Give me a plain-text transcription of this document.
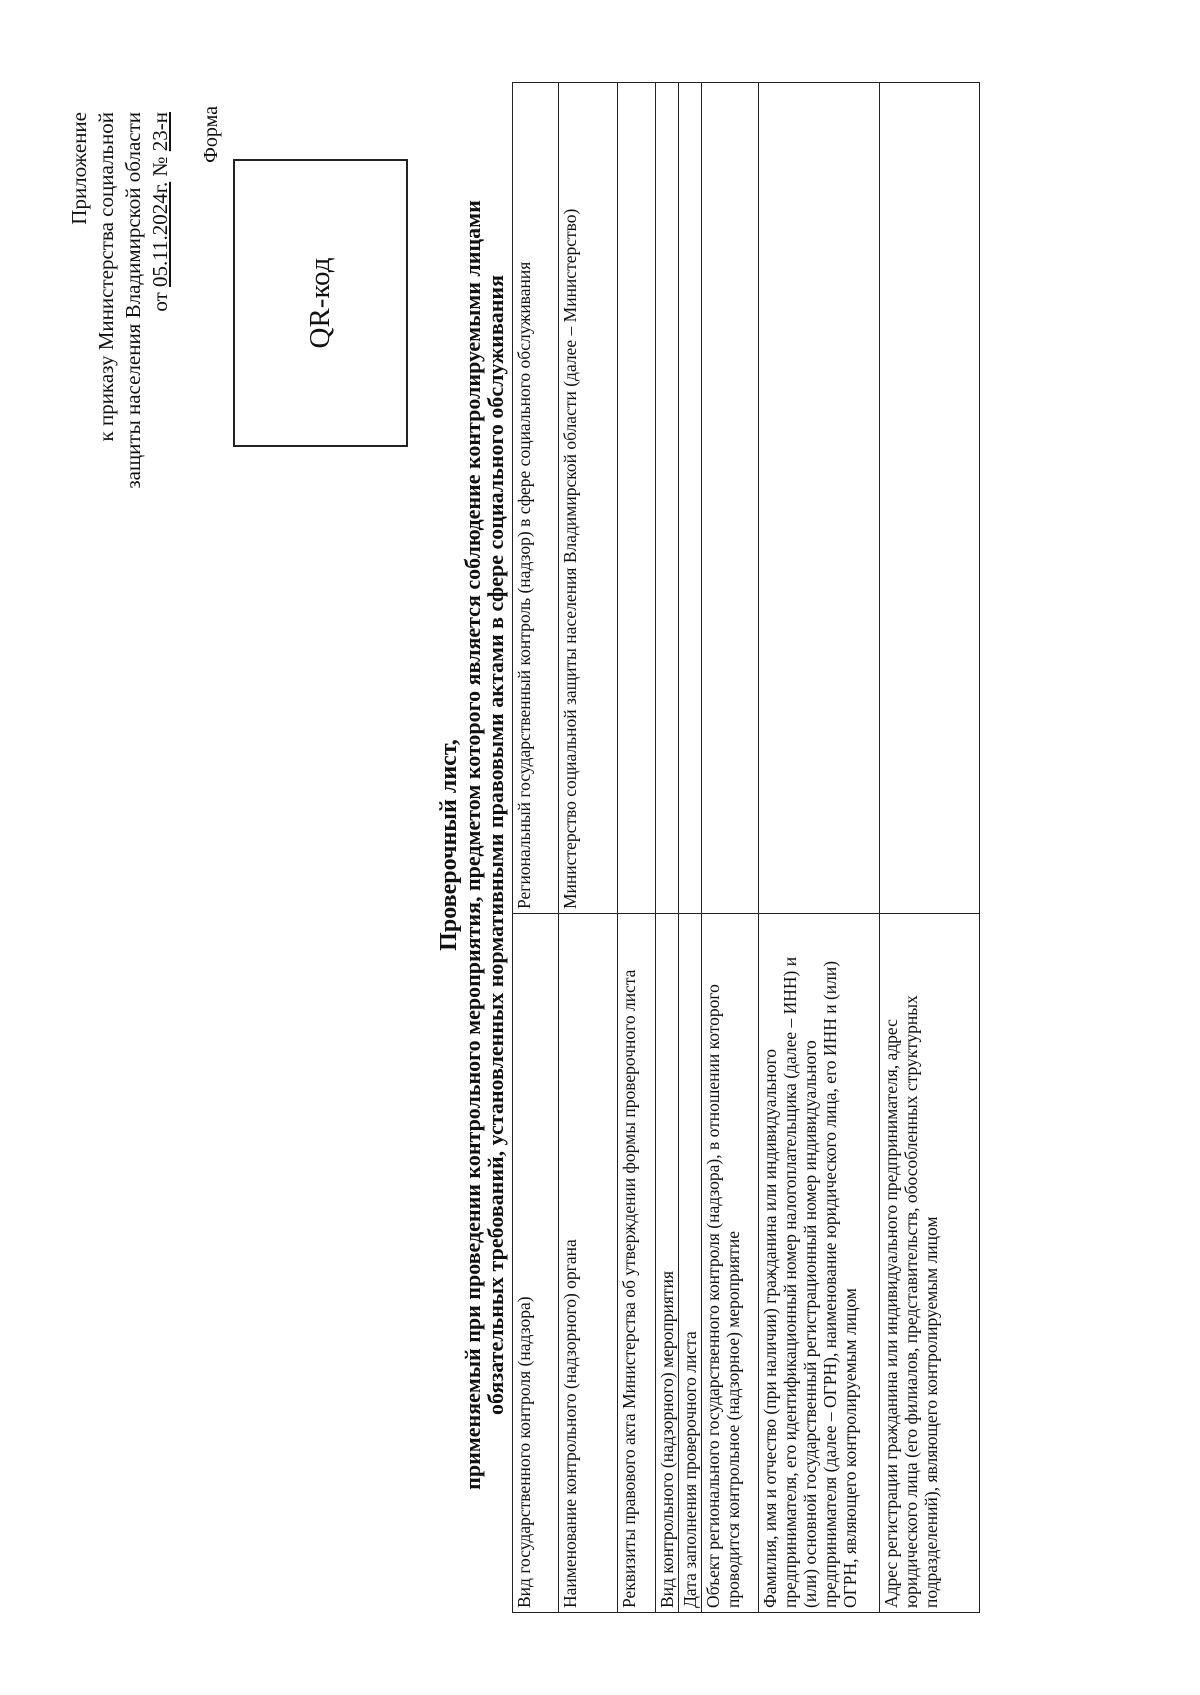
Приложение к приказу Министерства социальной защиты населения Владимирской области от 05.11.2024г. № 23-н Форма
QR-код
Проверочный лист,
применяемый при проведении контрольного мероприятия, предметом которого является соблюдение контролируемыми лицами
обязательных требований, установленных нормативными правовыми актами в сфере социального обслуживания
Вид государственного контроля (надзора)	Региональный государственный контроль (надзор) в сфере социального обслуживания
Наименование контрольного (надзорного) органа	Министерство социальной защиты населения Владимирской области (далее – Министерство)
Реквизиты правового акта Министерства об утверждении формы проверочного листа	
Вид контрольного (надзорного) мероприятия	
Дата заполнения проверочного листа	
Объект регионального государственного контроля (надзора), в отношении которого проводится контрольное (надзорное) мероприятие	
Фамилия, имя и отчество (при наличии) гражданина или индивидуального предпринимателя, его идентификационный номер налогоплательщика (далее – ИНН) и (или) основной государственный регистрационный номер индивидуального предпринимателя (далее – ОГРН), наименование юридического лица, его ИНН и (или) ОГРН, являющего контролируемым лицом	
Адрес регистрации гражданина или индивидуального предпринимателя, адрес юридического лица (его филиалов, представительств, обособленных структурных подразделений), являющего контролируемым лицом	
